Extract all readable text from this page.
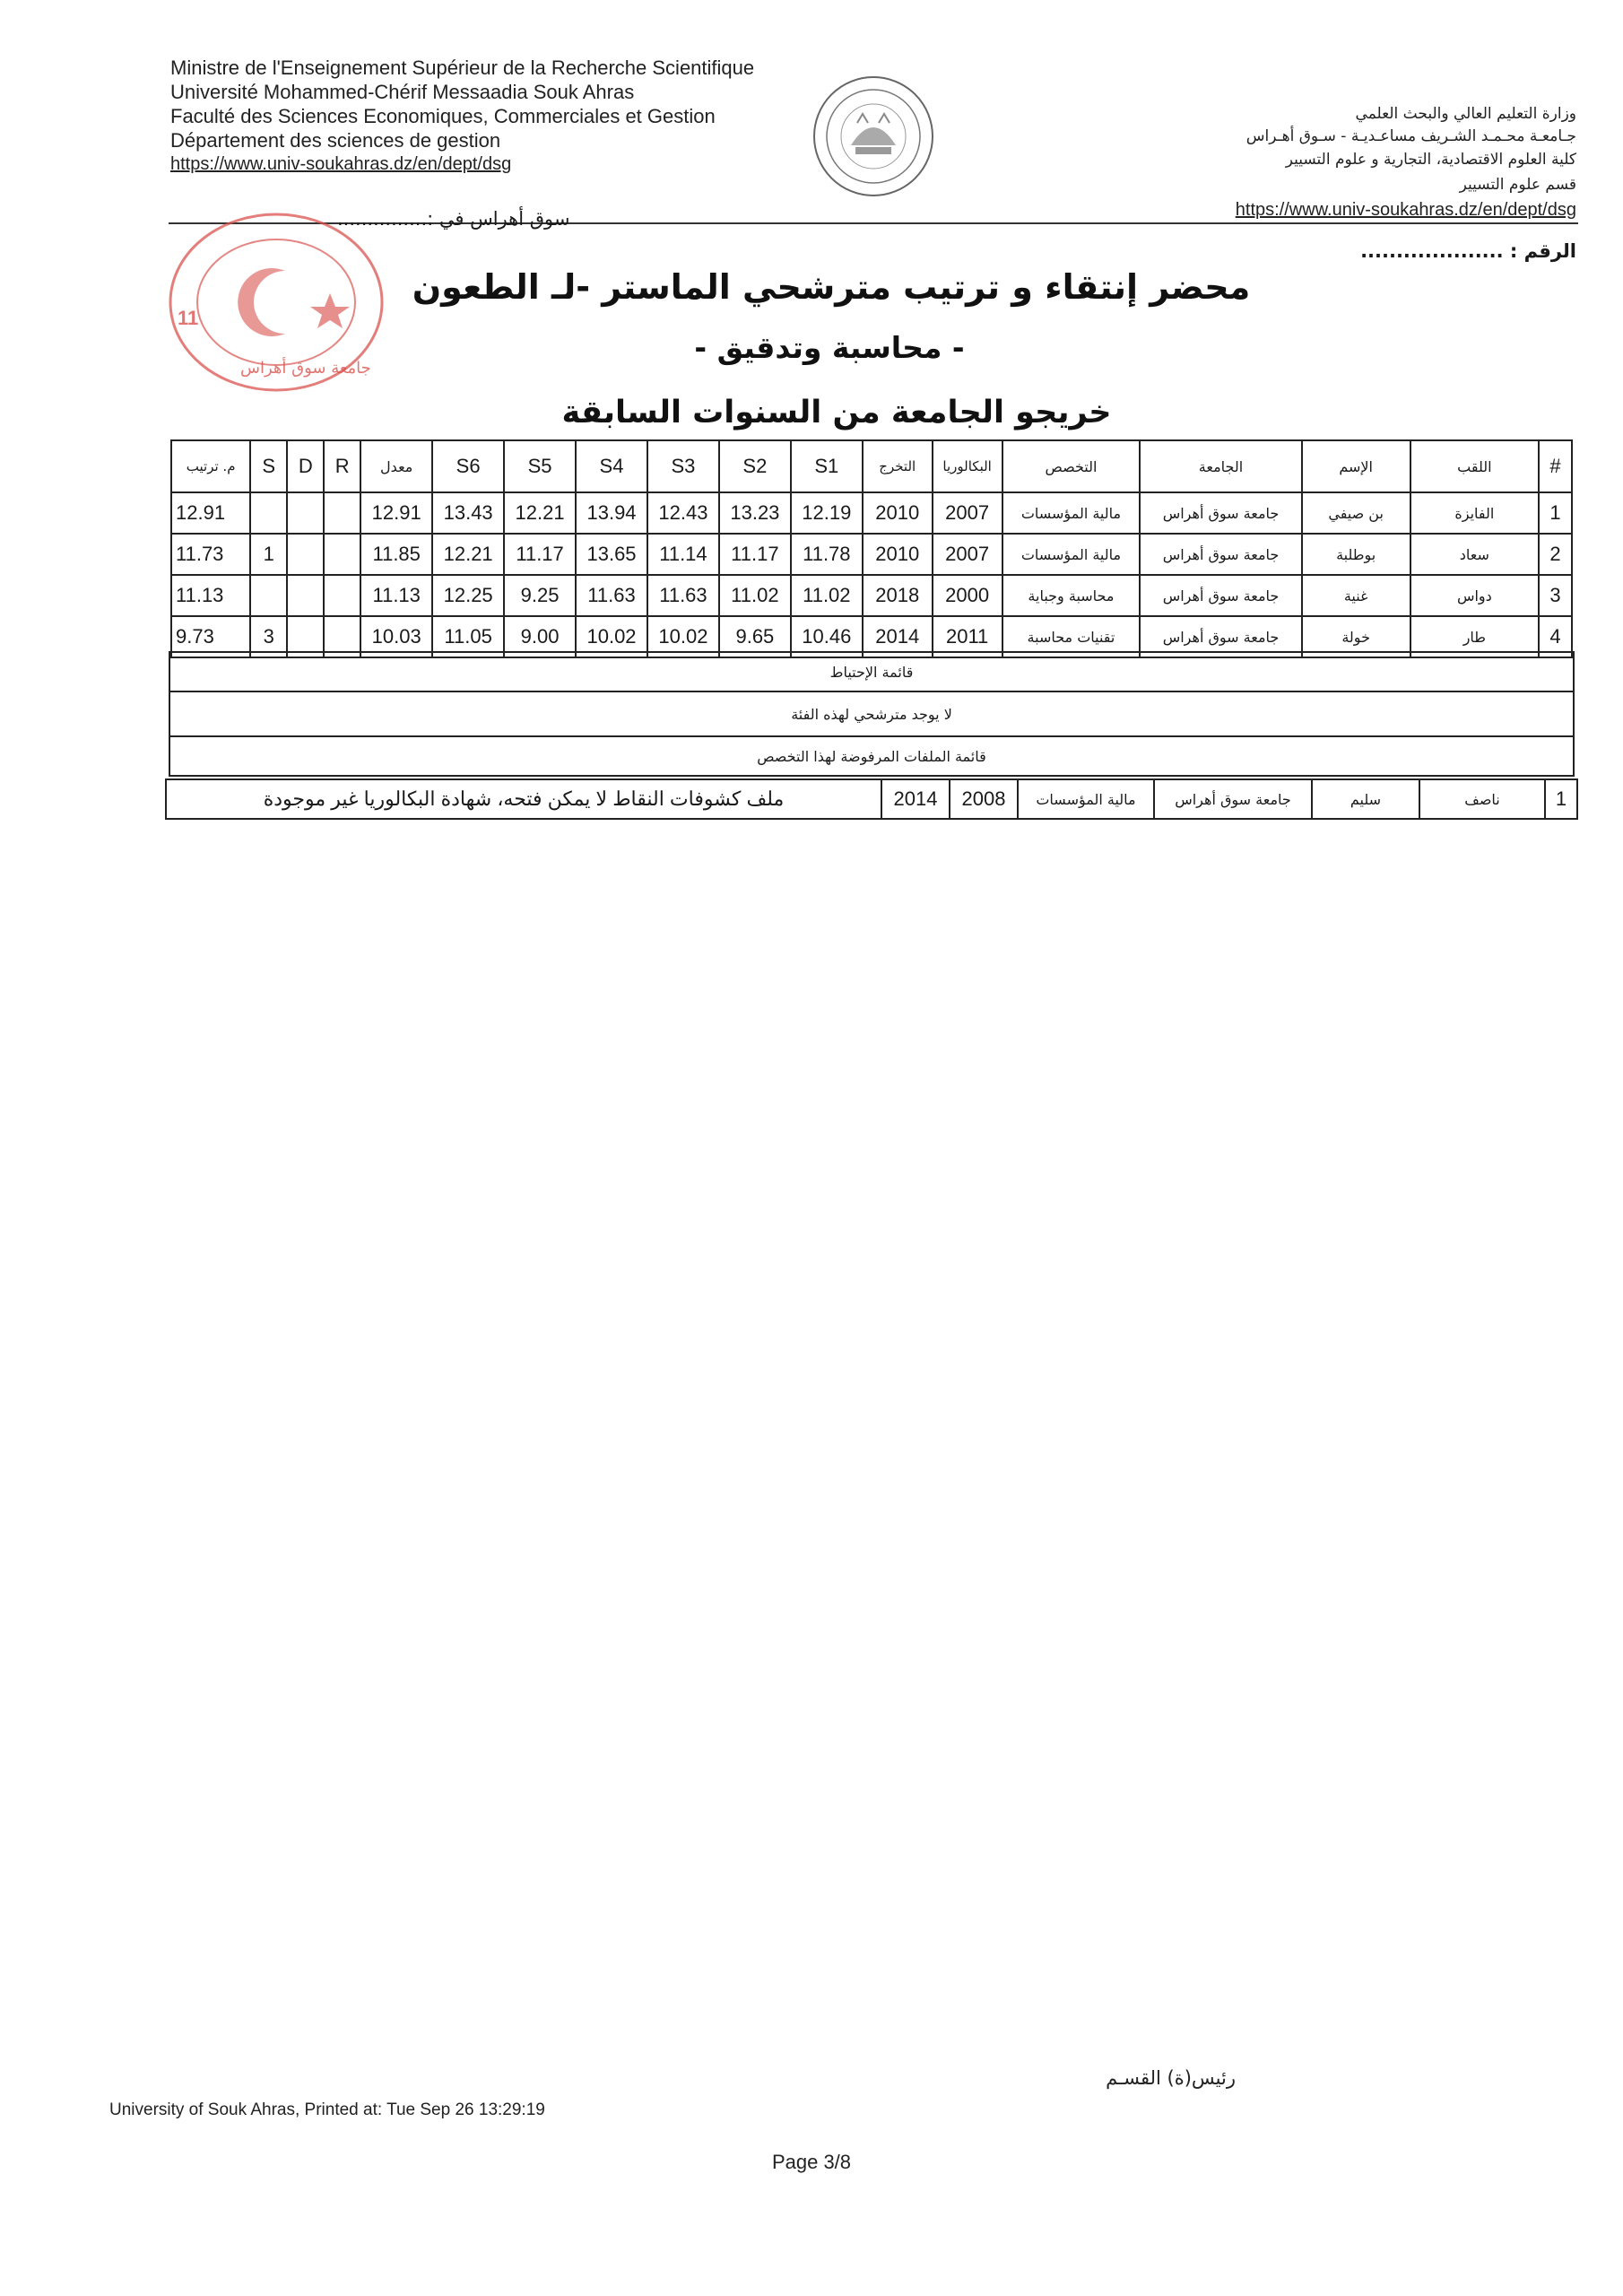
Ministre de l'Enseignement Supérieur de la Recherche Scientifique
Université Mohammed-Chérif Messaadia Souk Ahras
Faculté des Sciences Economiques, Commerciales et Gestion
Département des sciences de gestion
https://www.univ-soukahras.dz/en/dept/dsg
وزارة التعليم العالي والبحث العلمي
جـامعـة محـمـد الشـريف مساعـديـة - سـوق أهـراس
كلية العلوم الاقتصادية، التجارية و علوم التسيير
قسم علوم التسيير
https://www.univ-soukahras.dz/en/dept/dsg
11
جامعة سوق أهراس
سوق أهراس في :...............
الرقم : ....................
محضر إنتقاء و ترتيب مترشحي الماستر -لـ الطعون
- محاسبة وتدقيق -
خريجو الجامعة من السنوات السابقة
#	اللقب	الإسم	الجامعة	التخصص	البكالوريا	التخرج	S1	S2	S3	S4	S5	S6	معدل	R	D	S	م. ترتيب
1	الفايزة	بن صيفي	جامعة سوق أهراس	مالية المؤسسات	2007	2010	12.19	13.23	12.43	13.94	12.21	13.43	12.91				12.91
2	سعاد	بوطلبة	جامعة سوق أهراس	مالية المؤسسات	2007	2010	11.78	11.17	11.14	13.65	11.17	12.21	11.85			1	11.73
3	دواس	غنية	جامعة سوق أهراس	محاسبة وجباية	2000	2018	11.02	11.02	11.63	11.63	9.25	12.25	11.13				11.13
4	طار	خولة	جامعة سوق أهراس	تقنيات محاسبة	2011	2014	10.46	9.65	10.02	10.02	9.00	11.05	10.03			3	9.73
قائمة الإحتياط
لا يوجد مترشحي لهذه الفئة
قائمة الملفات المرفوضة لهذا التخصص
1	ناصف	سليم	جامعة سوق أهراس	مالية المؤسسات	2008	2014	ملف كشوفات النقاط لا يمكن فتحه، شهادة البكالوريا غير موجودة
رئيس(ة) القسـم
University of Souk Ahras, Printed at: Tue Sep 26 13:29:19
Page 3/8
